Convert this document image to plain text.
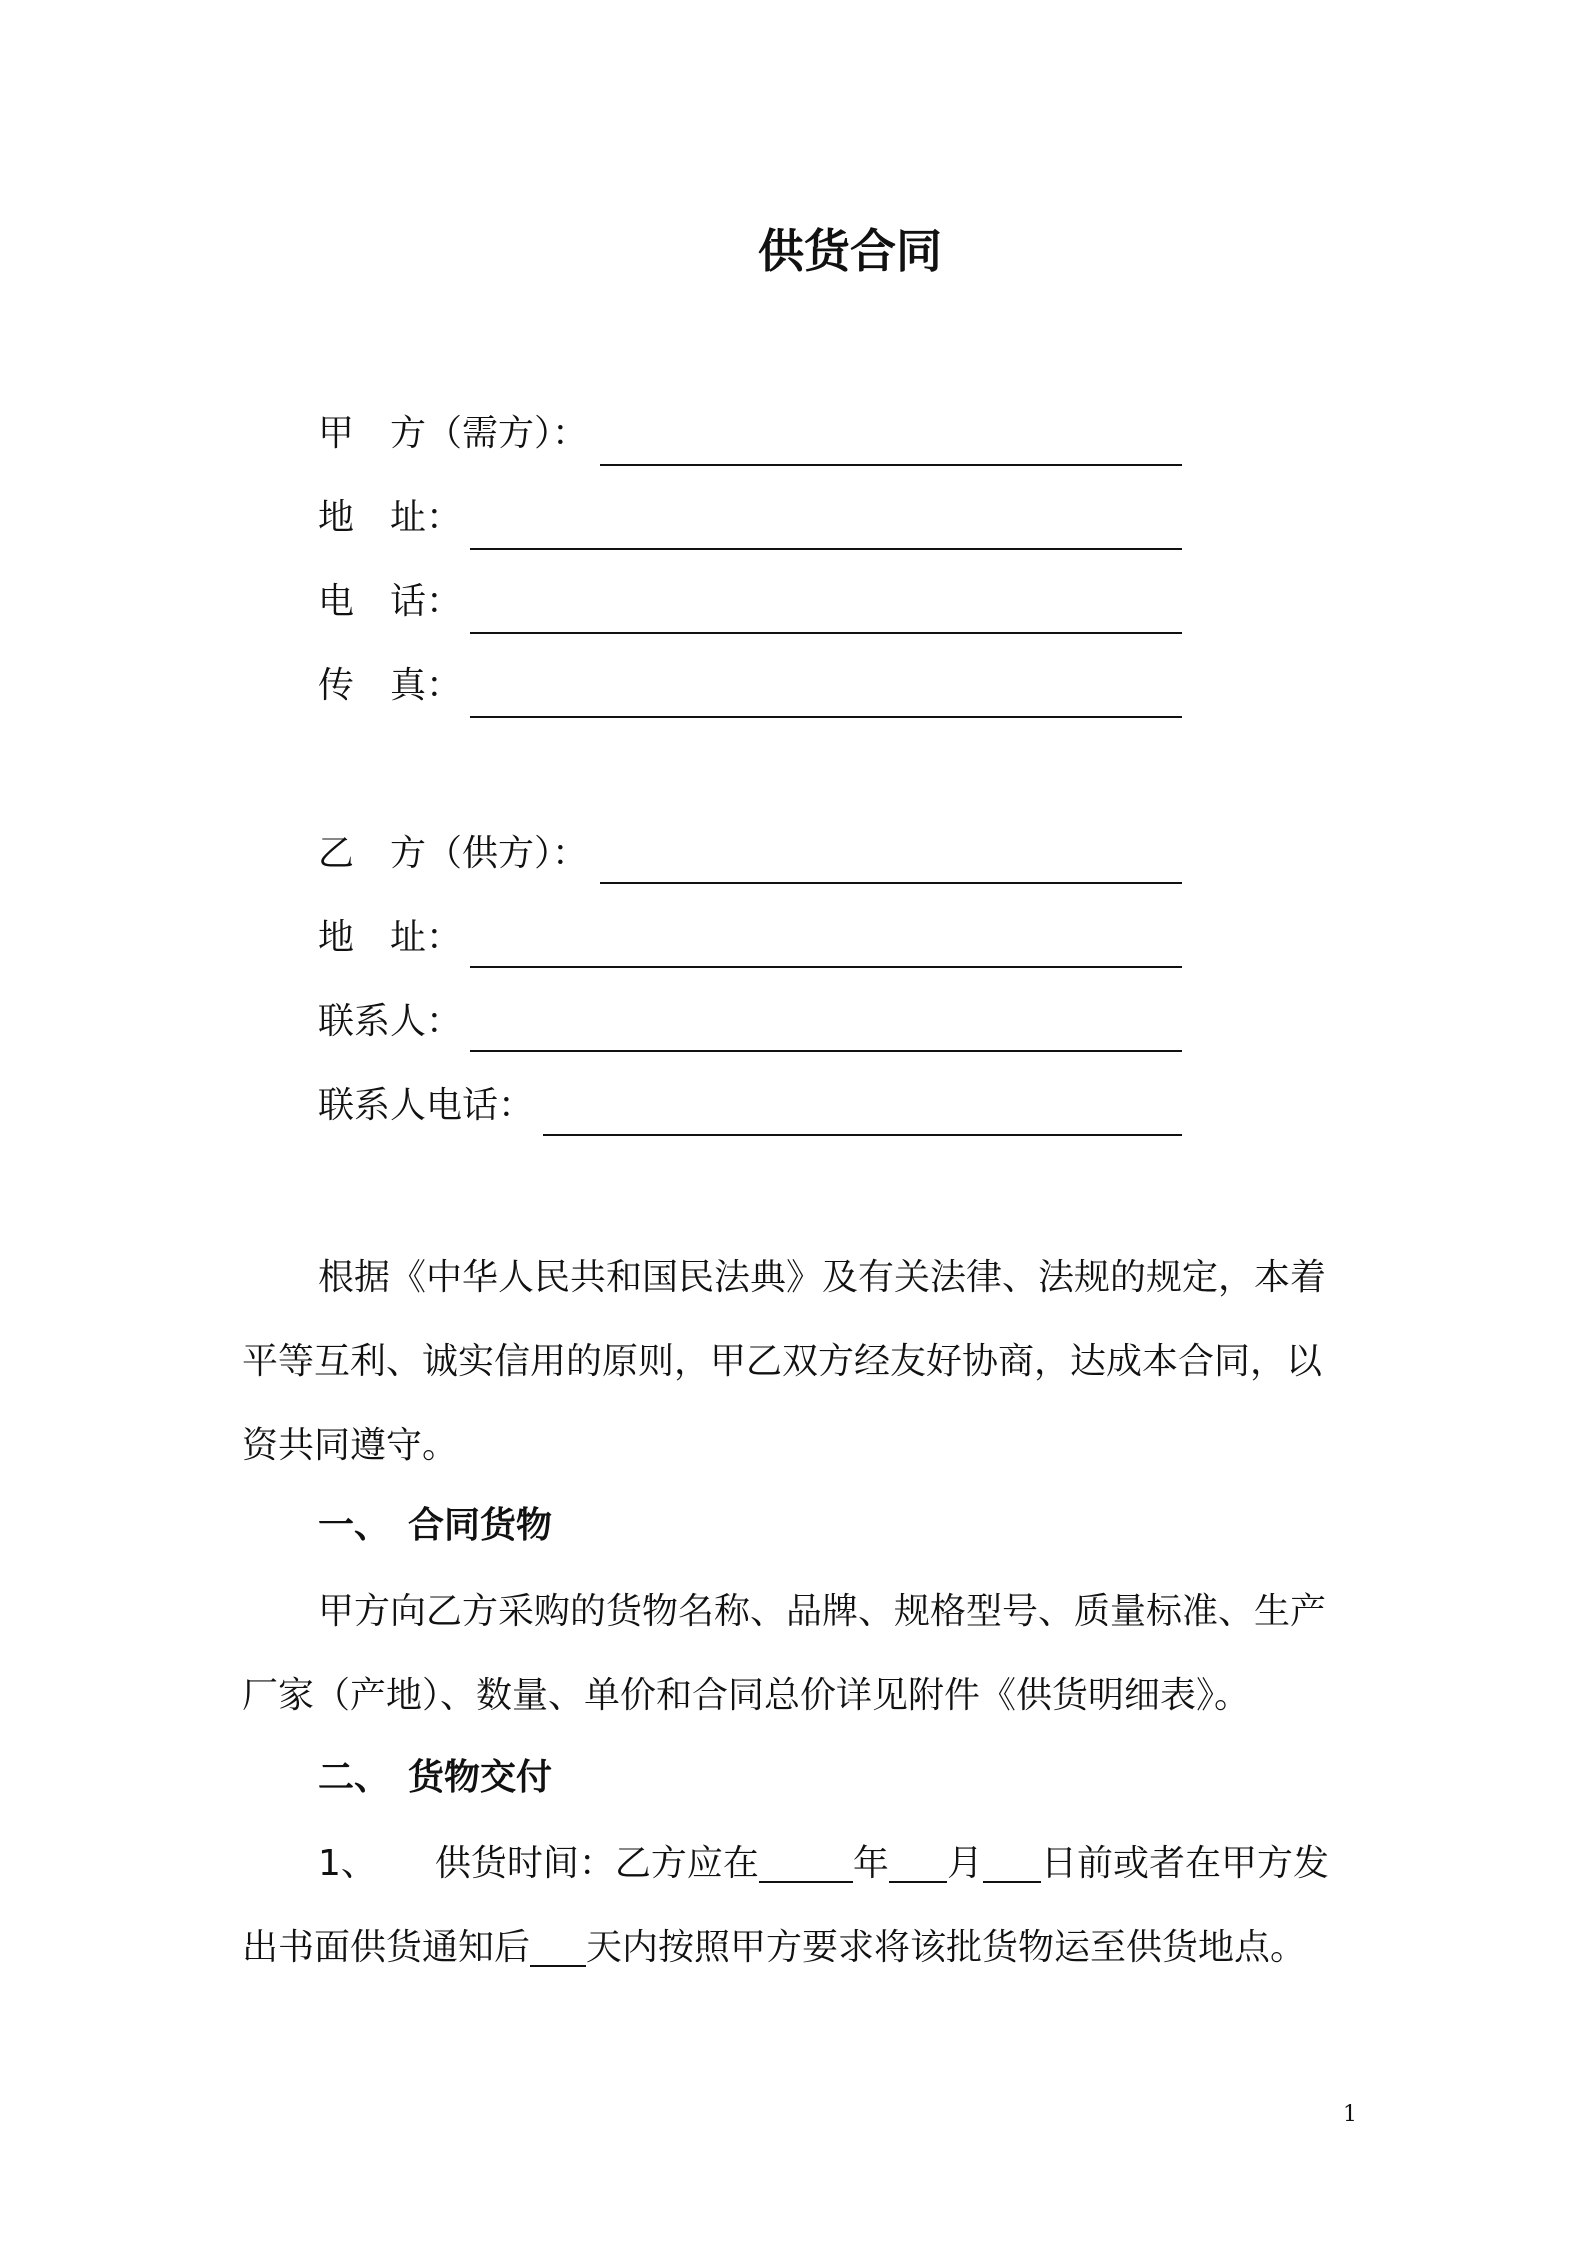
供货合同
甲　方（需方）：
地　址：
电　话：
传　真：
乙　方（供方）：
地　址：
联系人：
联系人电话：
根据《中华人民共和国民法典》及有关法律、法规的规定，本着平等互利、诚实信用的原则，甲乙双方经友好协商，达成本合同，以资共同遵守。
一、　合同货物
甲方向乙方采购的货物名称、品牌、规格型号、质量标准、生产厂家（产地）、数量、单价和合同总价详见附件《供货明细表》。
二、　货物交付
1、 供货时间：乙方应在	年 月 日前或者在甲方发出书面供货通知后 天内按照甲方要求将该批货物运至供货地点。
1
